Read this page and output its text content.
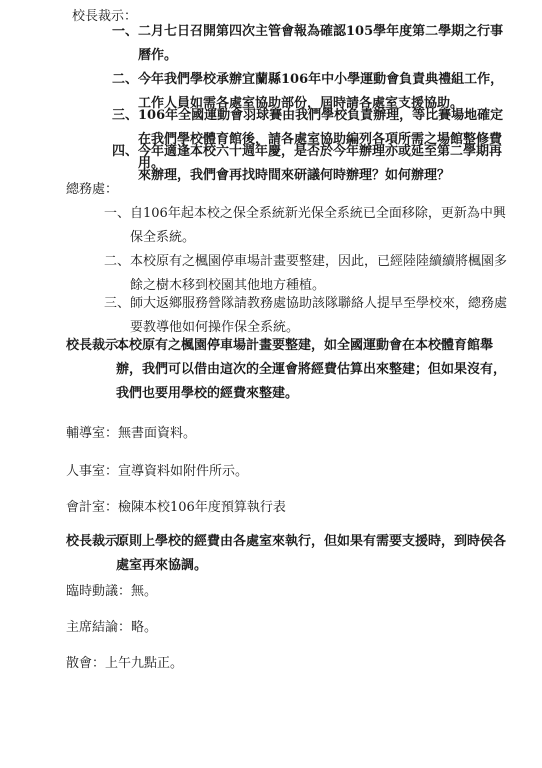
校長裁示：
一、 二月七日召開第四次主管會報為確認105學年度第二學期之行事曆作。
二、 今年我們學校承辦宜蘭縣106年中小學運動會負責典禮組工作，工作人員如需各處室協助部份，屆時請各處室支援協助。
三、 106年全國運動會羽球賽由我們學校負責辦理，等比賽場地確定在我們學校體育館後，請各處室協助編列各項所需之場館整修費用。
四、 今年適逢本校六十週年慶，是否於今年辦理亦或延至第二學期再來辦理，我們會再找時間來研議何時辦理？如何辦理？
總務處：
一、 自106年起本校之保全系統新光保全系統已全面移除，更新為中興保全系統。
二、 本校原有之楓園停車場計畫要整建，因此，已經陸陸續續將楓園多餘之樹木移到校園其他地方種植。
三、 師大返鄉服務營隊請教務處協助該隊聯絡人提早至學校來，總務處要教導他如何操作保全系統。
校長裁示：
本校原有之楓園停車場計畫要整建，如全國運動會在本校體育館舉辦，我們可以借由這次的全運會將經費估算出來整建；但如果沒有，我們也要用學校的經費來整建。
輔導室：無書面資料。
人事室：宣導資料如附件所示。
會計室：檢陳本校106年度預算執行表
校長裁示：
原則上學校的經費由各處室來執行，但如果有需要支援時，到時侯各處室再來協調。
臨時動議：無。
主席結論：略。
散會：上午九點正。
